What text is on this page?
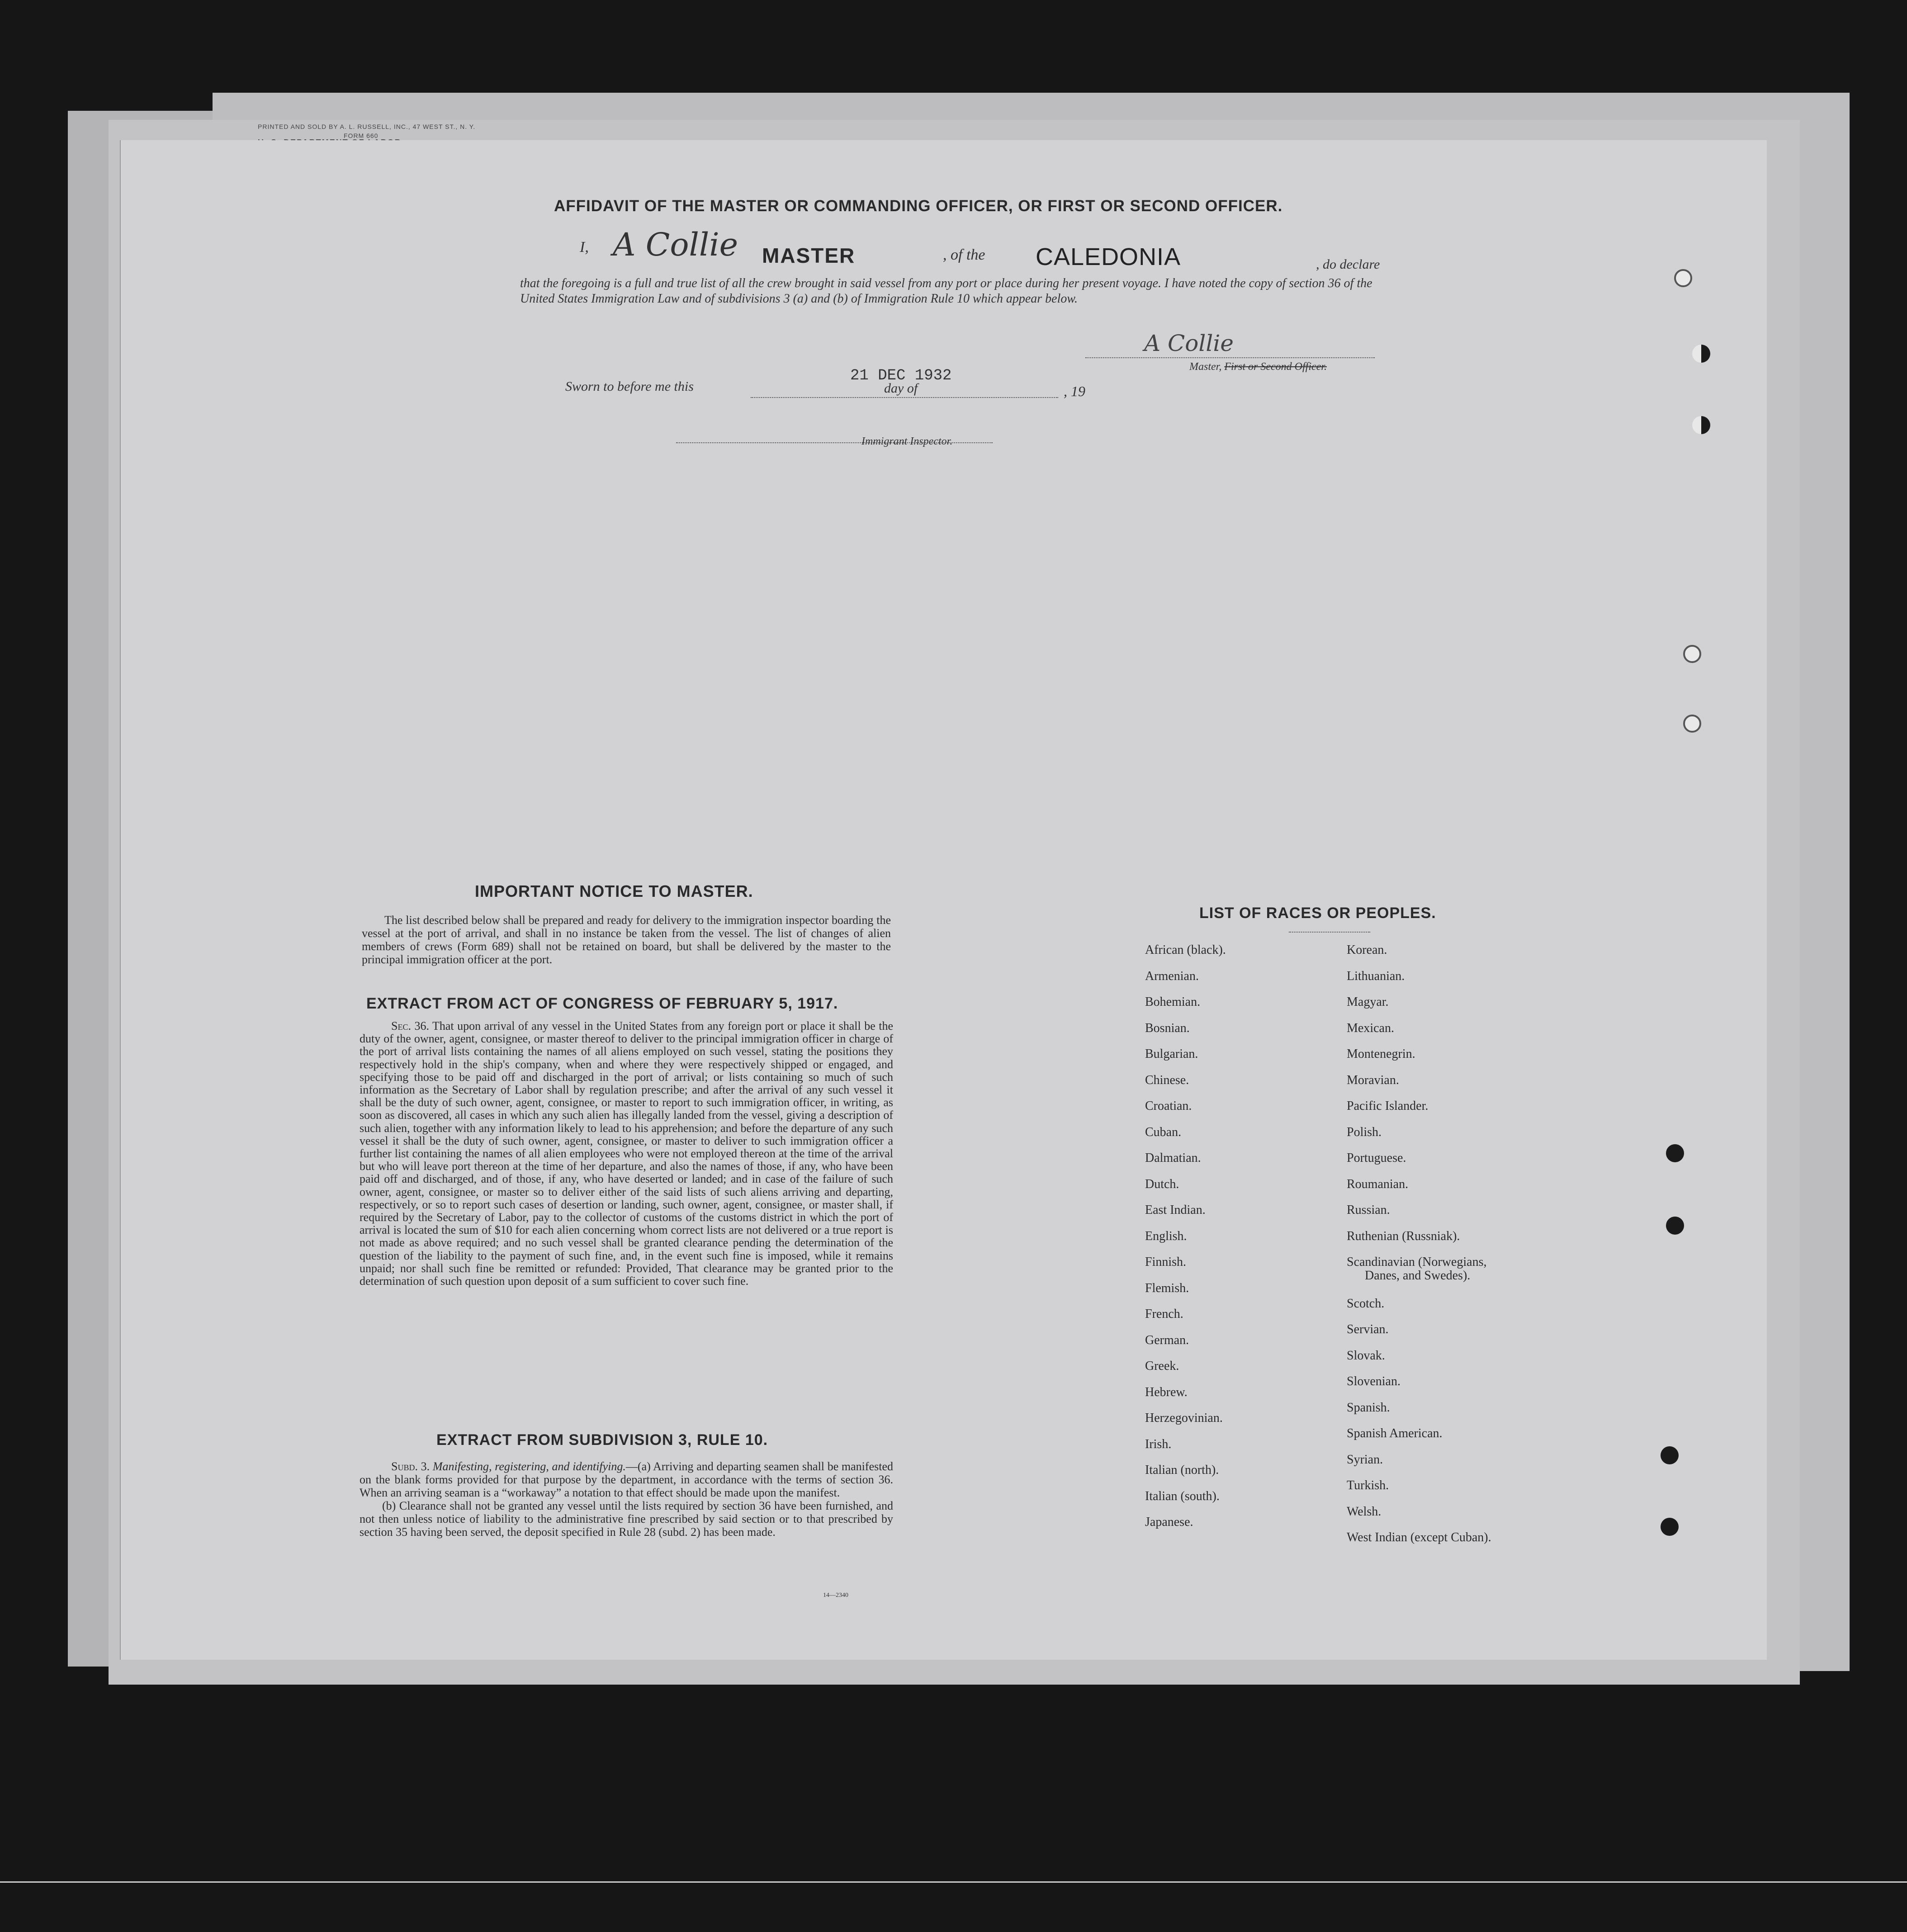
PRINTED AND SOLD BY A. L. RUSSELL, INC., 47 WEST ST., N. Y.
FORM 660

AFFIDAVIT OF THE MASTER OR COMMANDING OFFICER, OR FIRST OR SECOND OFFICER.
I, A Collie MASTER	, of the CALEDONIA	, do declare
that the foregoing is a full and true list of all the crew brought in said vessel from any port or place during her present voyage. I have noted the copy of section 36 of the United States Immigration Law and of subdivisions 3 (a) and (b) of Immigration Rule 10 which appear below.
A Collie
Master, First or Second Officer.
Sworn to before me this
21 DEC 1932
day of	, 19
Immigrant Inspector.
IMPORTANT NOTICE TO MASTER.
The list described below shall be prepared and ready for delivery to the immigration inspector boarding the vessel at the port of arrival, and shall in no instance be taken from the vessel. The list of changes of alien members of crews (Form 689) shall not be retained on board, but shall be delivered by the master to the principal immigration officer at the port.
EXTRACT FROM ACT OF CONGRESS OF FEBRUARY 5, 1917.
Sec. 36. That upon arrival of any vessel in the United States from any foreign port or place it shall be the duty of the owner, agent, consignee, or master thereof to deliver to the principal immigration officer in charge of the port of arrival lists containing the names of all aliens employed on such vessel, stating the positions they respectively hold in the ship's company, when and where they were respectively shipped or engaged, and specifying those to be paid off and discharged in the port of arrival; or lists containing so much of such information as the Secretary of Labor shall by regulation prescribe; and after the arrival of any such vessel it shall be the duty of such owner, agent, consignee, or master to report to such immigration officer, in writing, as soon as discovered, all cases in which any such alien has illegally landed from the vessel, giving a description of such alien, together with any information likely to lead to his apprehension; and before the departure of any such vessel it shall be the duty of such owner, agent, consignee, or master to deliver to such immigration officer a further list containing the names of all alien employees who were not employed thereon at the time of the arrival but who will leave port thereon at the time of her departure, and also the names of those, if any, who have been paid off and discharged, and of those, if any, who have deserted or landed; and in case of the failure of such owner, agent, consignee, or master so to deliver either of the said lists of such aliens arriving and departing, respectively, or so to report such cases of desertion or landing, such owner, agent, consignee, or master shall, if required by the Secretary of Labor, pay to the collector of customs of the customs district in which the port of arrival is located the sum of $10 for each alien concerning whom correct lists are not delivered or a true report is not made as above required; and no such vessel shall be granted clearance pending the determination of the question of the liability to the payment of such fine, and, in the event such fine is imposed, while it remains unpaid; nor shall such fine be remitted or refunded: Provided, That clearance may be granted prior to the determination of such question upon deposit of a sum sufficient to cover such fine.
EXTRACT FROM SUBDIVISION 3, RULE 10.
Subd. 3. Manifesting, registering, and identifying.—(a) Arriving and departing seamen shall be manifested on the blank forms provided for that purpose by the department, in accordance with the terms of section 36. When an arriving seaman is a “workaway” a notation to that effect should be made upon the manifest.
(b) Clearance shall not be granted any vessel until the lists required by section 36 have been furnished, and not then unless notice of liability to the administrative fine prescribed by said section or to that prescribed by section 35 having been served, the deposit specified in Rule 28 (subd. 2) has been made.
14—2340
LIST OF RACES OR PEOPLES.
African (black).
Armenian.
Bohemian.
Bosnian.
Bulgarian.
Chinese.
Croatian.
Cuban.
Dalmatian.
Dutch.
East Indian.
English.
Finnish.
Flemish.
French.
German.
Greek.
Hebrew.
Herzegovinian.
Irish.
Italian (north).
Italian (south).
Japanese.
Korean.
Lithuanian.
Magyar.
Mexican.
Montenegrin.
Moravian.
Pacific Islander.
Polish.
Portuguese.
Roumanian.
Russian.
Ruthenian (Russniak).
Scandinavian (Norwegians,
Danes, and Swedes).
Scotch.
Servian.
Slovak.
Slovenian.
Spanish.
Spanish American.
Syrian.
Turkish.
Welsh.
West Indian (except Cuban).
